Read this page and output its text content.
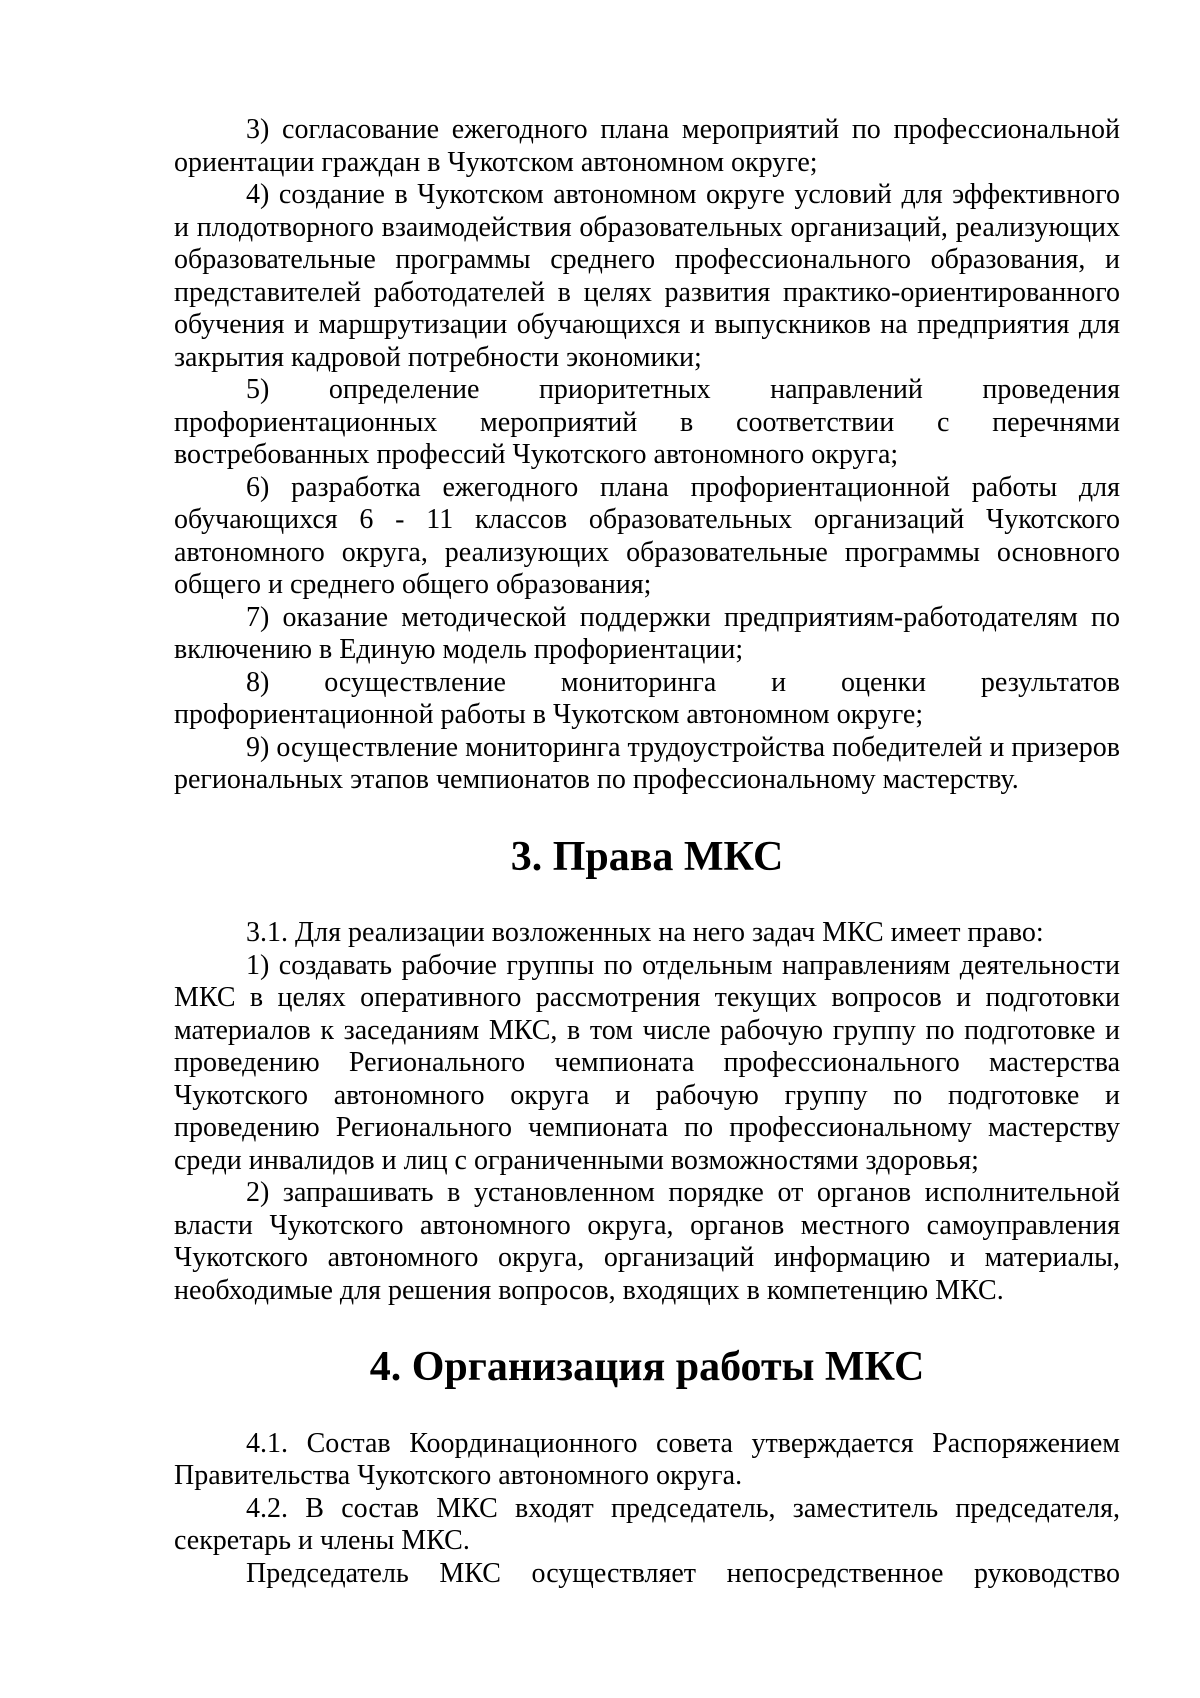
3) согласование ежегодного плана мероприятий по профессиональной ориентации граждан в Чукотском автономном округе;

4) создание в Чукотском автономном округе условий для эффективного и плодотворного взаимодействия образовательных организаций, реализующих образовательные программы среднего профессионального образования, и представителей работодателей в целях развития практико-ориентированного обучения и маршрутизации обучающихся и выпускников на предприятия для закрытия кадровой потребности экономики;

5) определение приоритетных направлений проведения профориентационных мероприятий в соответствии с перечнями востребованных профессий Чукотского автономного округа;

6) разработка ежегодного плана профориентационной работы для обучающихся 6 - 11 классов образовательных организаций Чукотского автономного округа, реализующих образовательные программы основного общего и среднего общего образования;

7) оказание методической поддержки предприятиям-работодателям по включению в Единую модель профориентации;

8) осуществление мониторинга и оценки результатов профориентационной работы в Чукотском автономном округе;

9) осуществление мониторинга трудоустройства победителей и призеров региональных этапов чемпионатов по профессиональному мастерству.

3. Права МКС

3.1. Для реализации возложенных на него задач МКС имеет право:

1) создавать рабочие группы по отдельным направлениям деятельности МКС в целях оперативного рассмотрения текущих вопросов и подготовки материалов к заседаниям МКС, в том числе рабочую группу по подготовке и проведению Регионального чемпионата профессионального мастерства Чукотского автономного округа и рабочую группу по подготовке и проведению Регионального чемпионата по профессиональному мастерству среди инвалидов и лиц с ограниченными возможностями здоровья;

2) запрашивать в установленном порядке от органов исполнительной власти Чукотского автономного округа, органов местного самоуправления Чукотского автономного округа, организаций информацию и материалы, необходимые для решения вопросов, входящих в компетенцию МКС.

4. Организация работы МКС

4.1. Состав Координационного совета утверждается Распоряжением Правительства Чукотского автономного округа.

4.2. В состав МКС входят председатель, заместитель председателя, секретарь и члены МКС.

Председатель МКС осуществляет непосредственное руководство
